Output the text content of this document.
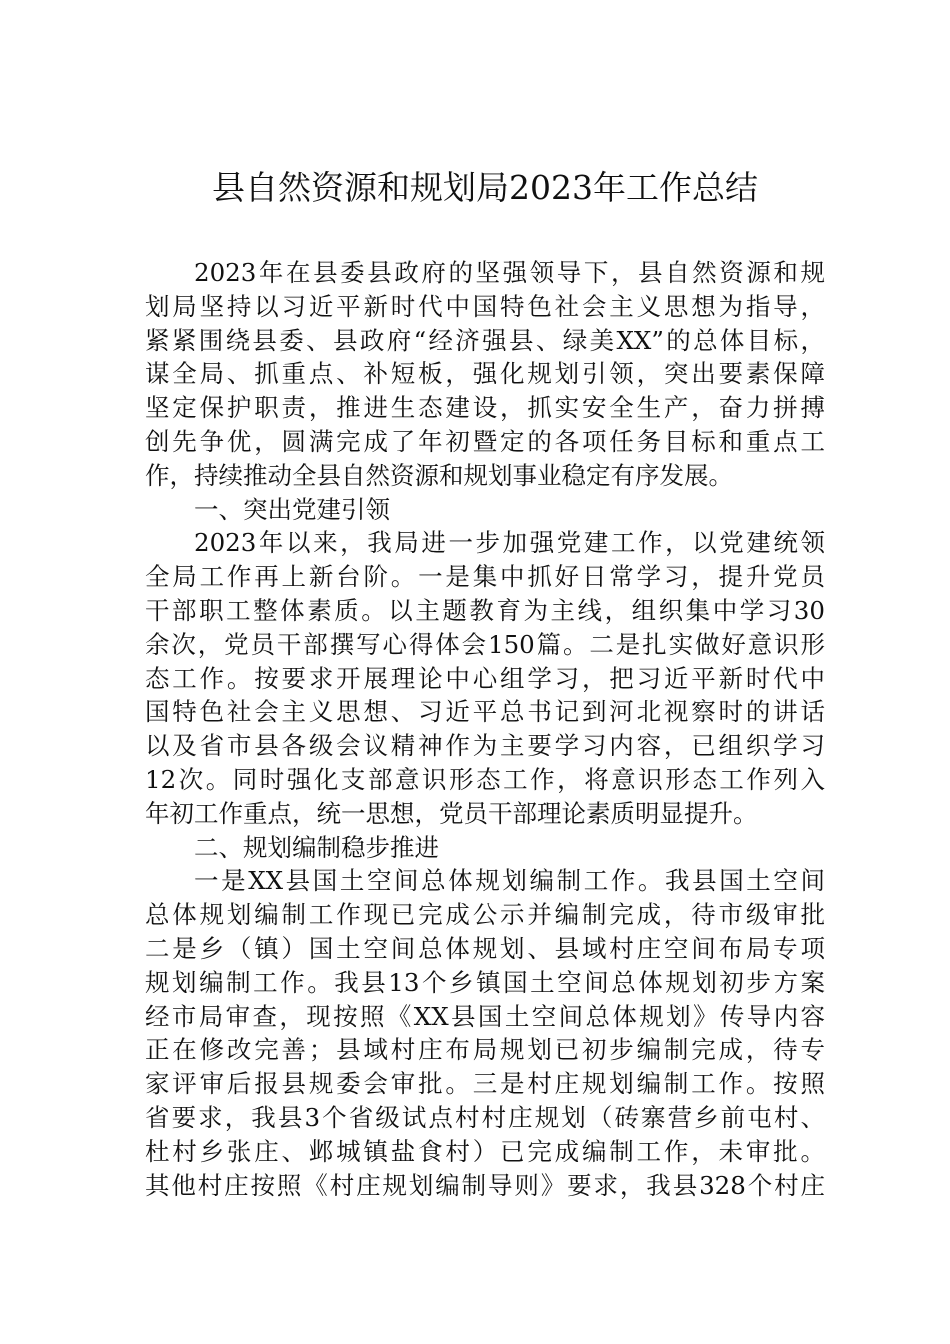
县自然资源和规划局2023年工作总结
2023年在县委县政府的坚强领导下，县自然资源和规
划局坚持以习近平新时代中国特色社会主义思想为指导，
紧紧围绕县委、县政府“经济强县、绿美XX”的总体目标，
谋全局、抓重点、补短板，强化规划引领，突出要素保障
坚定保护职责，推进生态建设，抓实安全生产，奋力拼搏
创先争优，圆满完成了年初暨定的各项任务目标和重点工
作，持续推动全县自然资源和规划事业稳定有序发展。
一、突出党建引领
2023年以来，我局进一步加强党建工作，以党建统领
全局工作再上新台阶。一是集中抓好日常学习，提升党员
干部职工整体素质。以主题教育为主线，组织集中学习30
余次，党员干部撰写心得体会150篇。二是扎实做好意识形
态工作。按要求开展理论中心组学习，把习近平新时代中
国特色社会主义思想、习近平总书记到河北视察时的讲话
以及省市县各级会议精神作为主要学习内容，已组织学习
12次。同时强化支部意识形态工作，将意识形态工作列入
年初工作重点，统一思想，党员干部理论素质明显提升。
二、规划编制稳步推进
一是XX县国土空间总体规划编制工作。我县国土空间
总体规划编制工作现已完成公示并编制完成，待市级审批
二是乡（镇）国土空间总体规划、县域村庄空间布局专项
规划编制工作。我县13个乡镇国土空间总体规划初步方案
经市局审查，现按照《XX县国土空间总体规划》传导内容
正在修改完善；县域村庄布局规划已初步编制完成，待专
家评审后报县规委会审批。三是村庄规划编制工作。按照
省要求，我县3个省级试点村村庄规划（砖寨营乡前屯村、
杜村乡张庄、邺城镇盐食村）已完成编制工作，未审批。
其他村庄按照《村庄规划编制导则》要求，我县328个村庄
